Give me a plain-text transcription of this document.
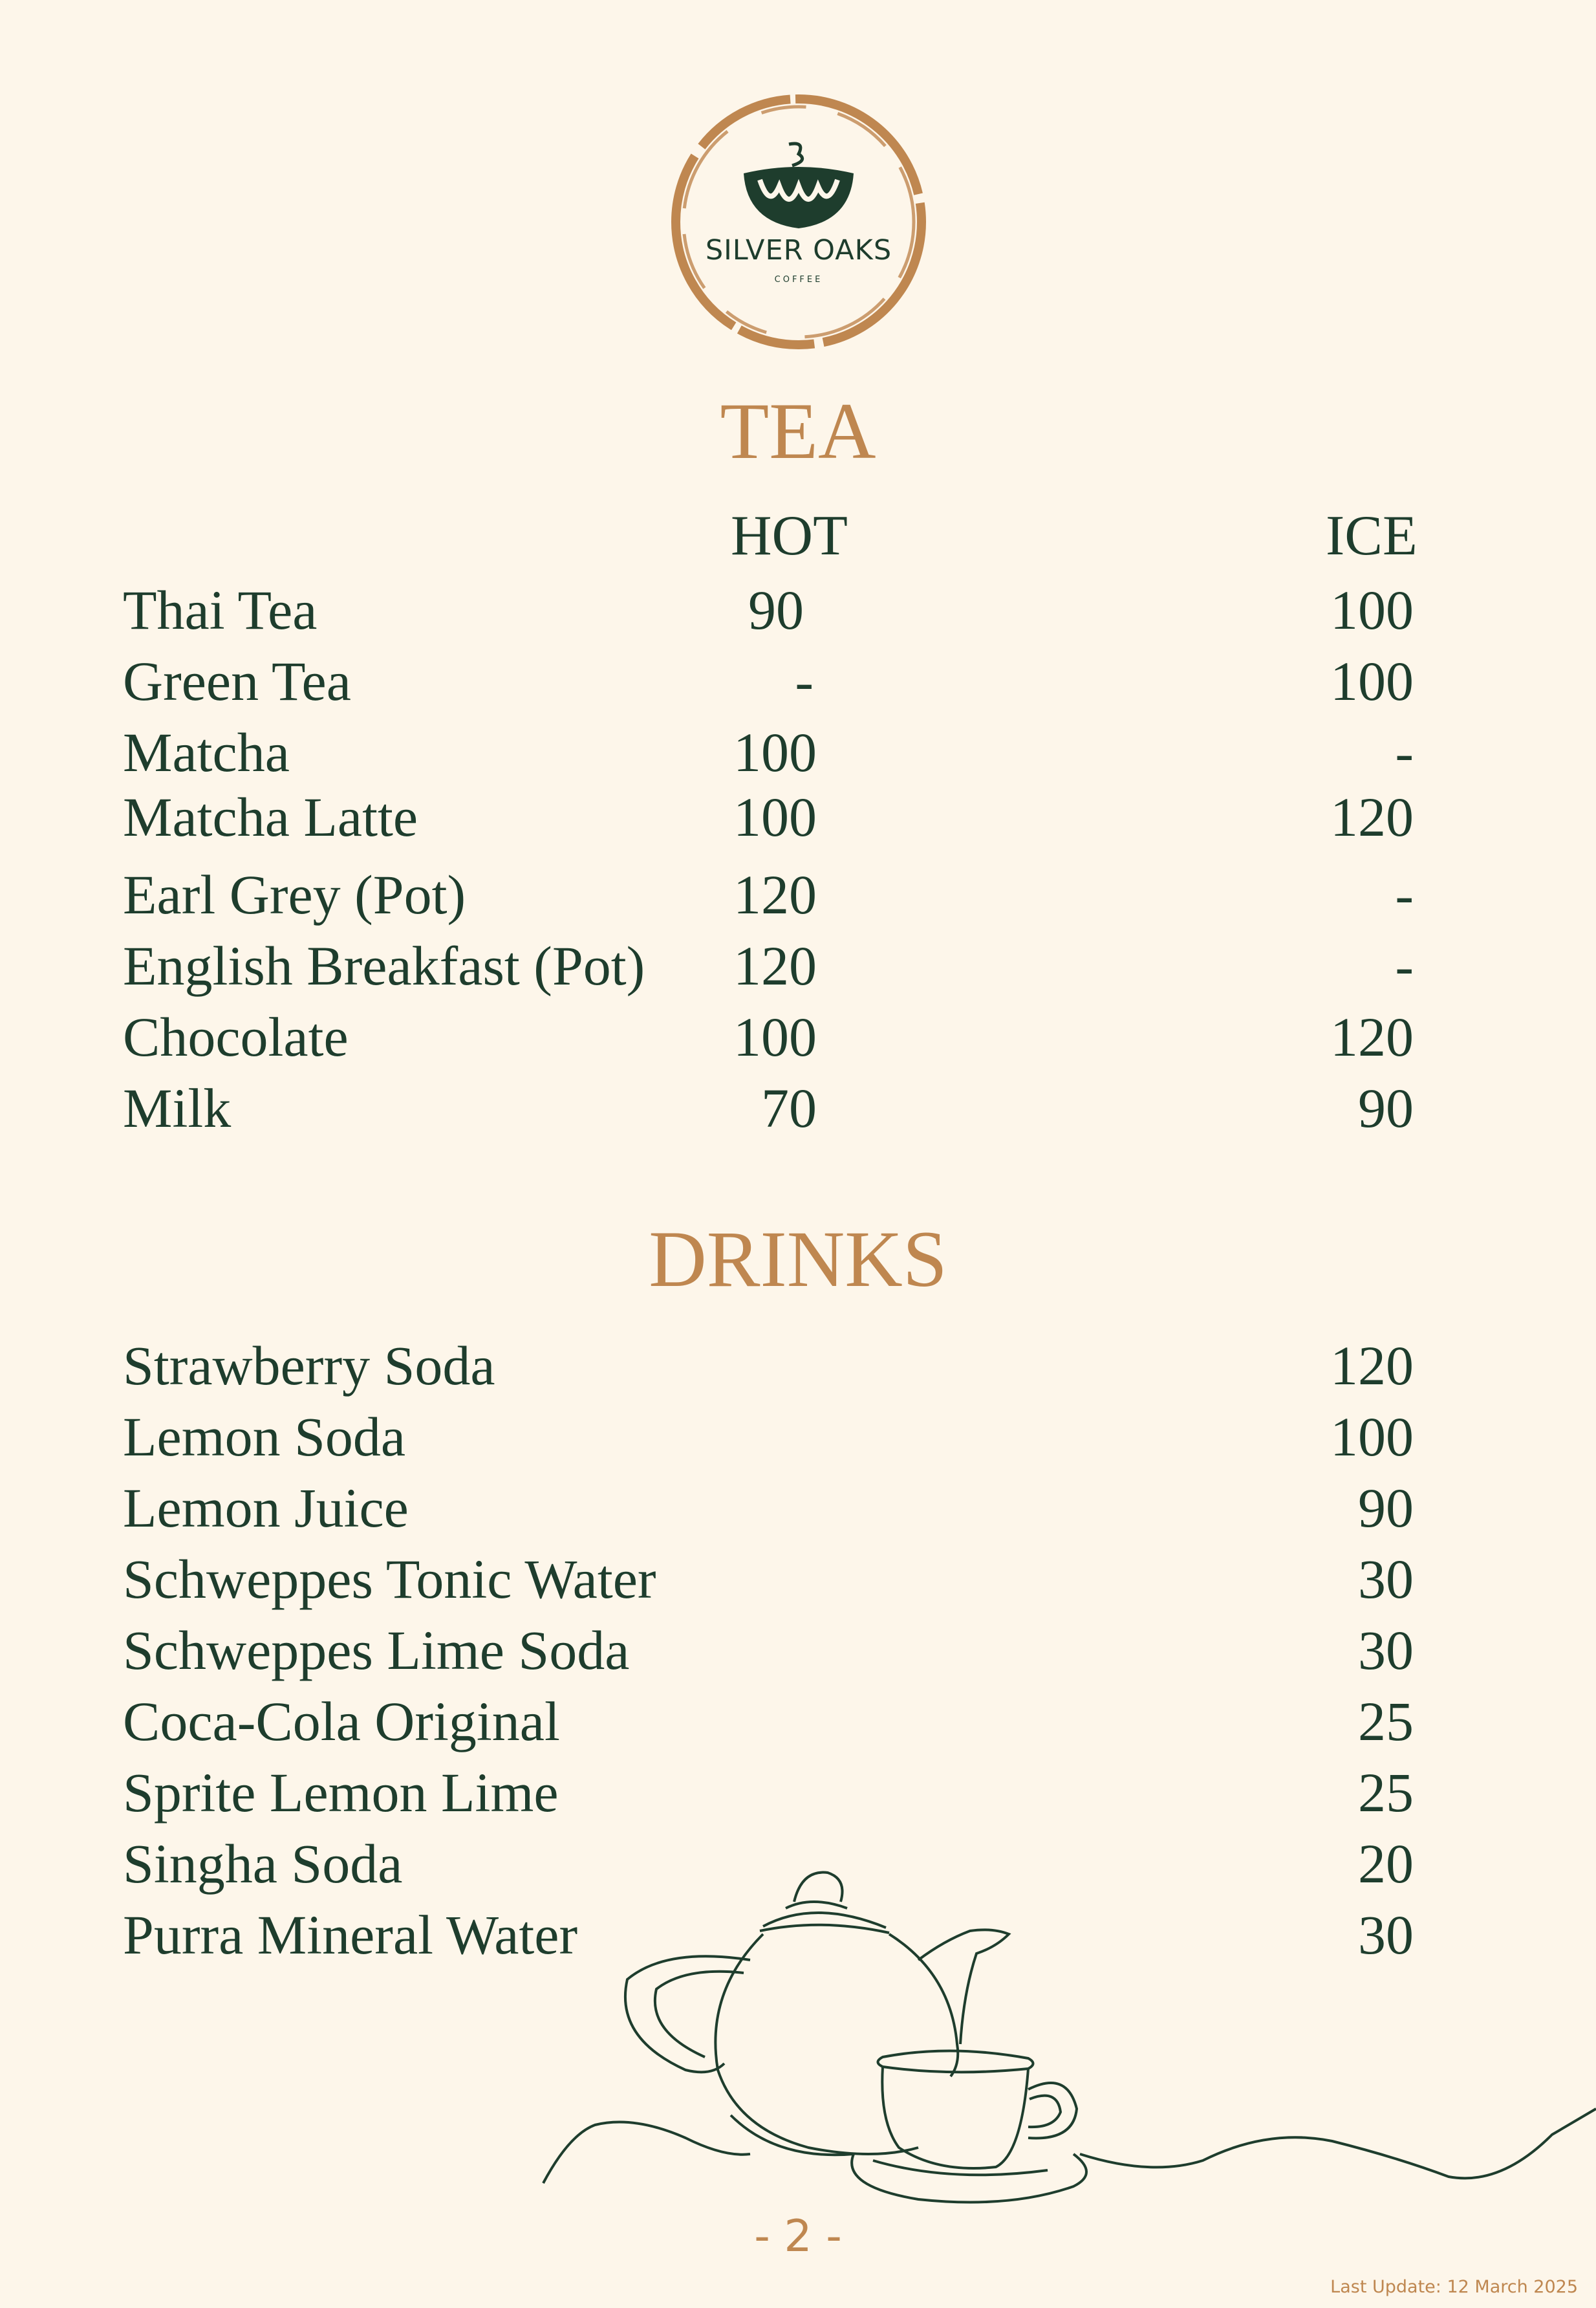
SILVER OAKS
COFFEE
TEA
HOT	ICE
Thai Tea	90	100
Green Tea	-	100
Matcha	100	-
Matcha Latte	100	120
Earl Grey (Pot)	120	-
English Breakfast (Pot) 120	-
Chocolate	100	120
Milk	70	90
DRINKS
Strawberry Soda	120
Lemon Soda	100
Lemon Juice	90
Schweppes Tonic Water	30
Schweppes Lime Soda	30
Coca-Cola Original	25
Sprite Lemon Lime	25
Singha Soda	20
Purra Mineral Water	30
- 2 -
Last Update: 12 March 2025
